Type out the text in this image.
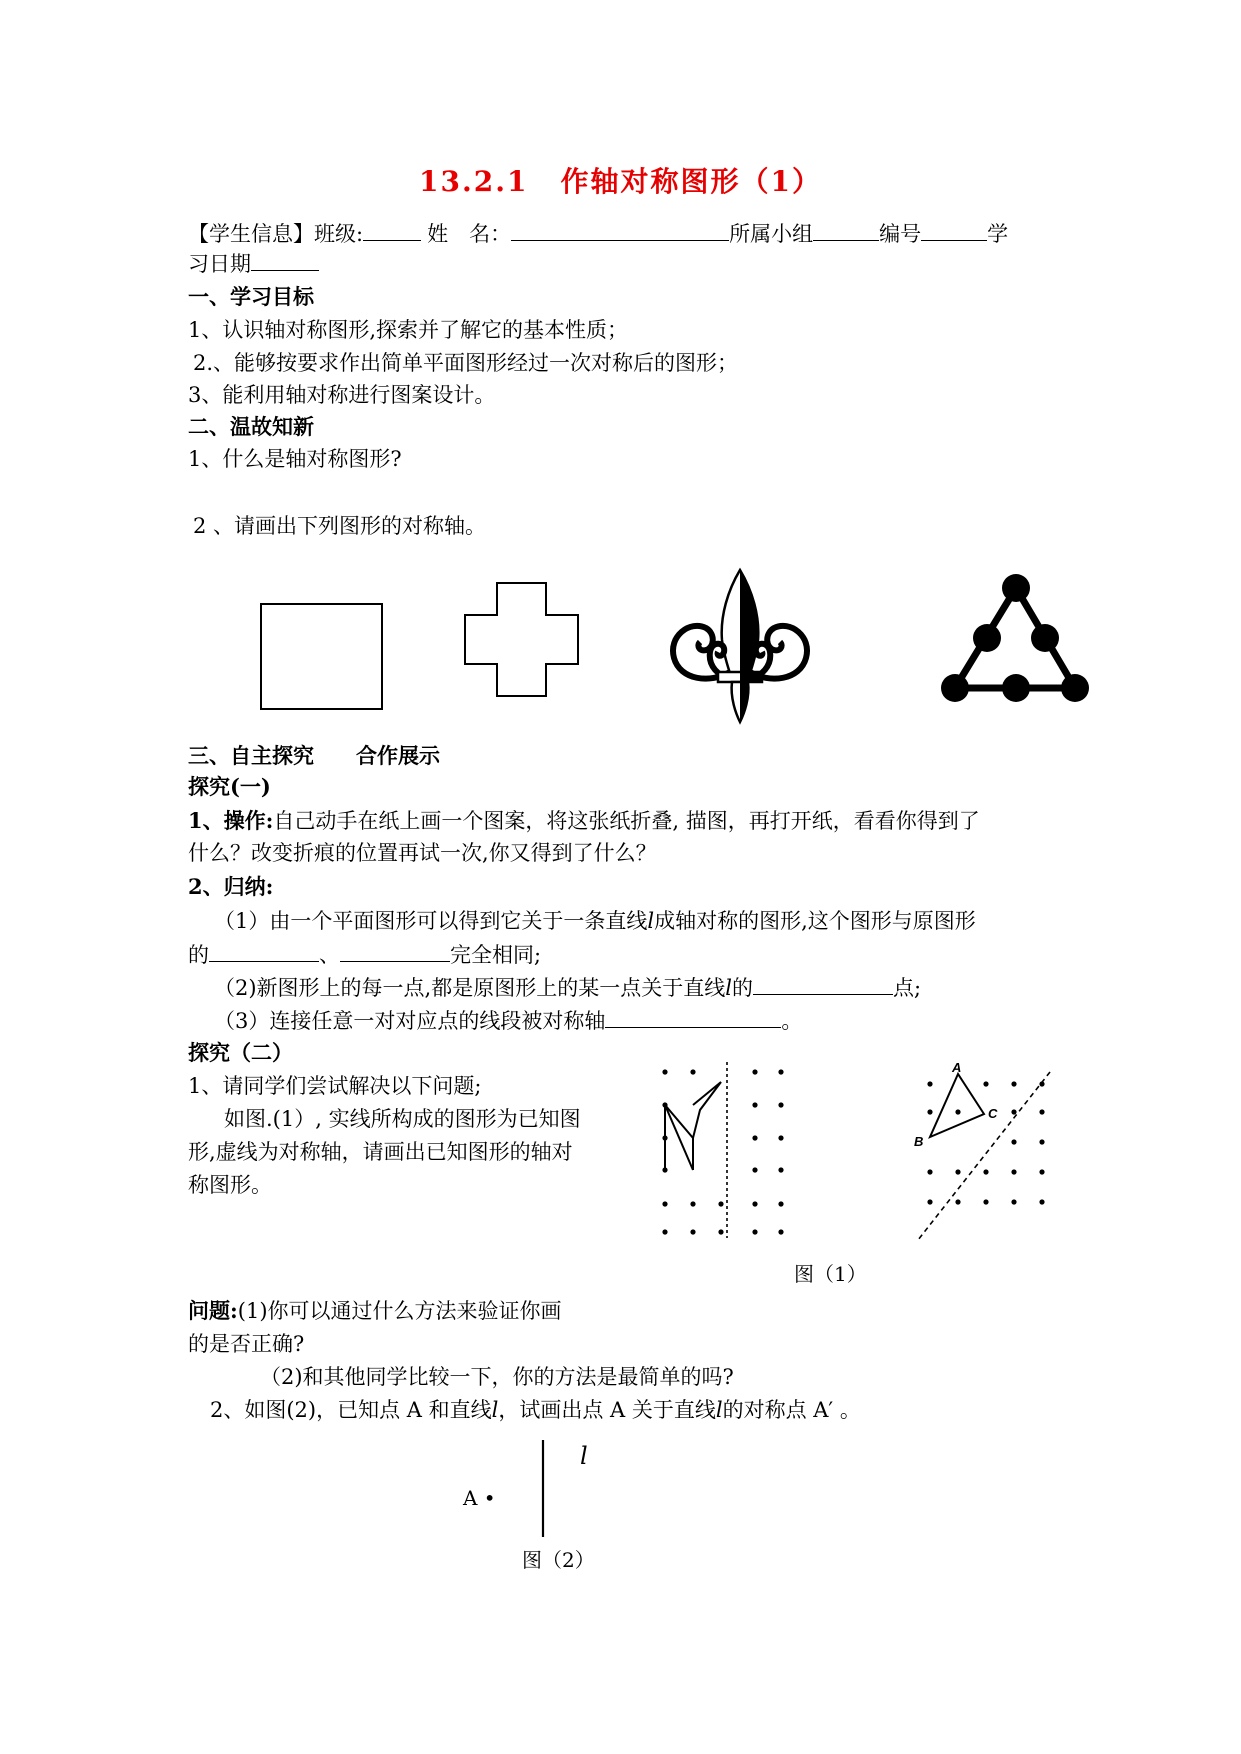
13.2.1 作轴对称图形（1）
【学生信息】班级:	姓　名：	所属小组	编号	学
习日期
一、学习目标
1、认识轴对称图形,探索并了解它的基本性质；
2.、能够按要求作出简单平面图形经过一次对称后的图形；
3、能利用轴对称进行图案设计。
二、温故知新
1、什么是轴对称图形?
2 、请画出下列图形的对称轴。
三、自主探究　　合作展示
探究(一)
1、操作:自己动手在纸上画一个图案，将这张纸折叠, 描图，再打开纸，看看你得到了
什么？改变折痕的位置再试一次,你又得到了什么？
2、归纳:
（1）由一个平面图形可以得到它关于一条直线l成轴对称的图形,这个图形与原图形
的	、	完全相同;
（2)新图形上的每一点,都是原图形上的某一点关于直线l的	点;
（3）连接任意一对对应点的线段被对称轴	。
探究（二）
1、请同学们尝试解决以下问题;
如图.(1）, 实线所构成的图形为已知图
形,虚线为对称轴，请画出已知图形的轴对
称图形。
A
B
C
图（1）
问题:(1)你可以通过什么方法来验证你画
的是否正确?
（2)和其他同学比较一下，你的方法是最简单的吗?
2、如图(2)，已知点 A 和直线l，试画出点 A 关于直线l的对称点 A′ 。
l
A •
图（2）
